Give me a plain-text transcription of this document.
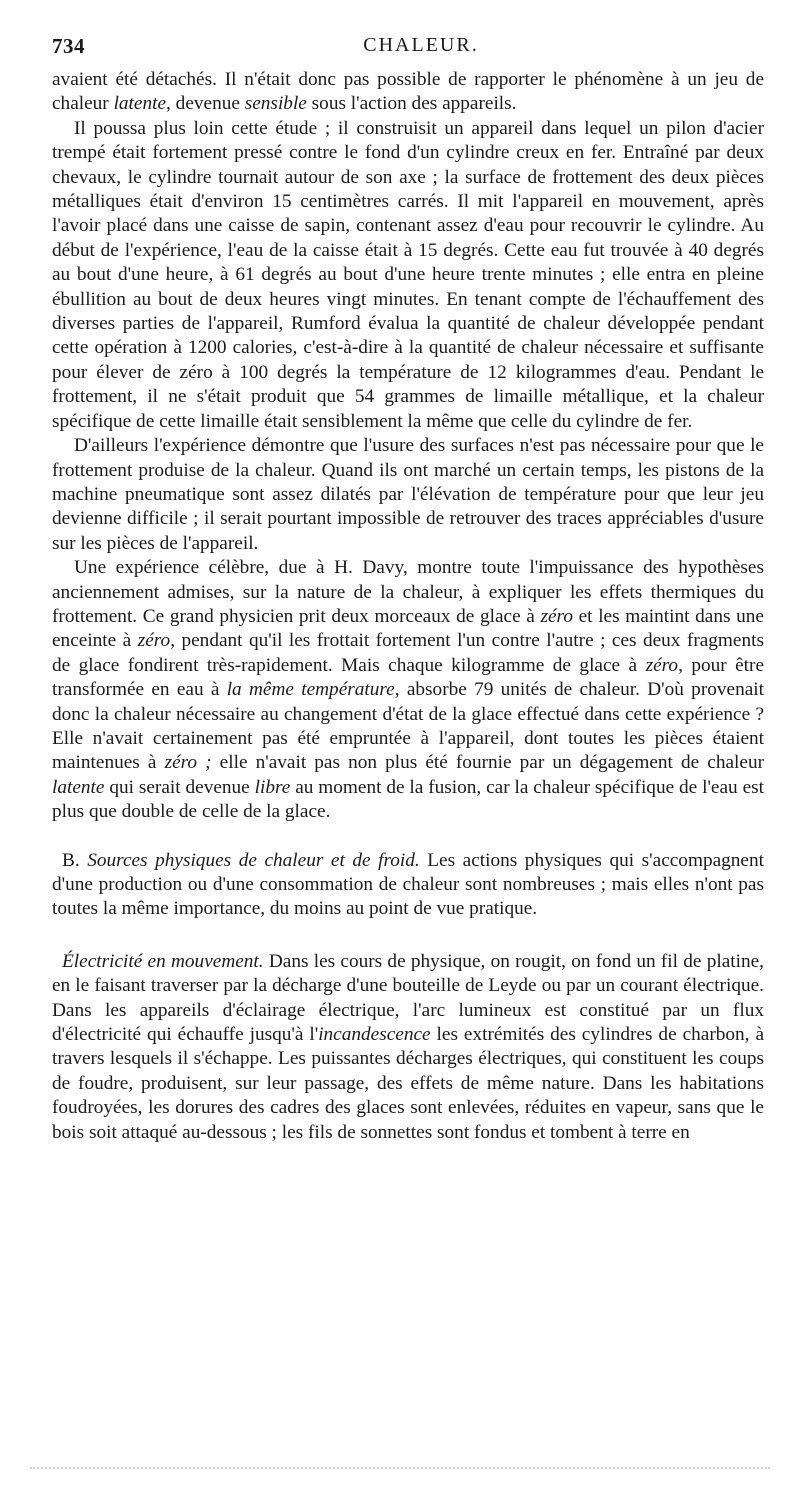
734	CHALEUR.

avaient été détachés. Il n'était donc pas possible de rapporter le phénomène à un jeu de chaleur latente, devenue sensible sous l'action des appareils.

Il poussa plus loin cette étude ; il construisit un appareil dans lequel un pilon d'acier trempé était fortement pressé contre le fond d'un cylindre creux en fer. Entraîné par deux chevaux, le cylindre tournait autour de son axe ; la surface de frottement des deux pièces métalliques était d'environ 15 centimètres carrés. Il mit l'appareil en mouvement, après l'avoir placé dans une caisse de sapin, contenant assez d'eau pour recouvrir le cylindre. Au début de l'expérience, l'eau de la caisse était à 15 degrés. Cette eau fut trouvée à 40 degrés au bout d'une heure, à 61 degrés au bout d'une heure trente minutes ; elle entra en pleine ébullition au bout de deux heures vingt minutes. En tenant compte de l'échauffement des diverses parties de l'appareil, Rumford évalua la quantité de chaleur développée pendant cette opération à 1200 calories, c'est-à-dire à la quantité de chaleur nécessaire et suffisante pour élever de zéro à 100 degrés la température de 12 kilogrammes d'eau. Pendant le frottement, il ne s'était produit que 54 grammes de limaille métallique, et la chaleur spécifique de cette limaille était sensiblement la même que celle du cylindre de fer.

D'ailleurs l'expérience démontre que l'usure des surfaces n'est pas nécessaire pour que le frottement produise de la chaleur. Quand ils ont marché un certain temps, les pistons de la machine pneumatique sont assez dilatés par l'élévation de température pour que leur jeu devienne difficile ; il serait pourtant impossible de retrouver des traces appréciables d'usure sur les pièces de l'appareil.

Une expérience célèbre, due à H. Davy, montre toute l'impuissance des hypothèses anciennement admises, sur la nature de la chaleur, à expliquer les effets thermiques du frottement. Ce grand physicien prit deux morceaux de glace à zéro et les maintint dans une enceinte à zéro, pendant qu'il les frottait fortement l'un contre l'autre ; ces deux fragments de glace fondirent très-rapidement. Mais chaque kilogramme de glace à zéro, pour être transformée en eau à la même température, absorbe 79 unités de chaleur. D'où provenait donc la chaleur nécessaire au changement d'état de la glace effectué dans cette expérience ? Elle n'avait certainement pas été empruntée à l'appareil, dont toutes les pièces étaient maintenues à zéro ; elle n'avait pas non plus été fournie par un dégagement de chaleur latente qui serait devenue libre au moment de la fusion, car la chaleur spécifique de l'eau est plus que double de celle de la glace.

B. Sources physiques de chaleur et de froid. Les actions physiques qui s'accompagnent d'une production ou d'une consommation de chaleur sont nombreuses ; mais elles n'ont pas toutes la même importance, du moins au point de vue pratique.

Électricité en mouvement. Dans les cours de physique, on rougit, on fond un fil de platine, en le faisant traverser par la décharge d'une bouteille de Leyde ou par un courant électrique. Dans les appareils d'éclairage électrique, l'arc lumineux est constitué par un flux d'électricité qui échauffe jusqu'à l'incandescence les extrémités des cylindres de charbon, à travers lesquels il s'échappe. Les puissantes décharges électriques, qui constituent les coups de foudre, produisent, sur leur passage, des effets de même nature. Dans les habitations foudroyées, les dorures des cadres des glaces sont enlevées, réduites en vapeur, sans que le bois soit attaqué au-dessous ; les fils de sonnettes sont fondus et tombent à terre en
